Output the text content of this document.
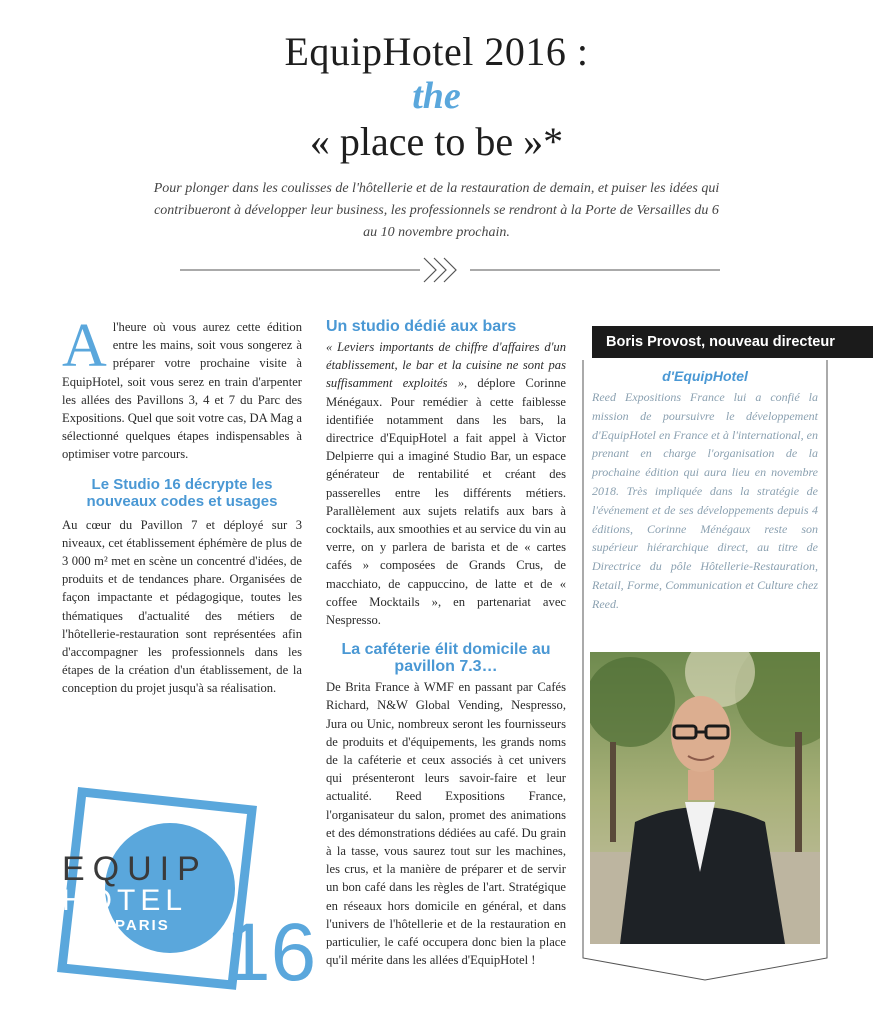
EquipHotel 2016 :
the
« place to be »*
Pour plonger dans les coulisses de l'hôtellerie et de la restauration de demain, et puiser les idées qui contribueront à développer leur business, les professionnels se rendront à la Porte de Versailles du 6 au 10 novembre prochain.
A l'heure où vous aurez cette édition entre les mains, soit vous songerez à préparer votre prochaine visite à EquipHotel, soit vous serez en train d'arpenter les allées des Pavillons 3, 4 et 7 du Parc des Expositions. Quel que soit votre cas, DA Mag a sélectionné quelques étapes indispensables à optimiser votre parcours.
Le Studio 16 décrypte les nouveaux codes et usages
Au cœur du Pavillon 7 et déployé sur 3 niveaux, cet établissement éphémère de plus de 3 000 m² met en scène un concentré d'idées, de produits et de tendances phare. Organisées de façon impactante et pédagogique, toutes les thématiques d'actualité des métiers de l'hôtellerie-restauration sont représentées afin d'accompagner les professionnels dans les étapes de la création d'un établissement, de la conception du projet jusqu'à sa réalisation.
Un studio dédié aux bars
« Leviers importants de chiffre d'affaires d'un établissement, le bar et la cuisine ne sont pas suffisamment exploités », déplore Corinne Ménégaux. Pour remédier à cette faiblesse identifiée notamment dans les bars, la directrice d'EquipHotel a fait appel à Victor Delpierre qui a imaginé Studio Bar, un espace générateur de rentabilité et créant des passerelles entre les différents métiers. Parallèlement aux sujets relatifs aux bars à cocktails, aux smoothies et au service du vin au verre, on y parlera de barista et de « cartes cafés » composées de Grands Crus, de macchiato, de cappuccino, de latte et de « coffee Mocktails », en partenariat avec Nespresso.
La caféterie élit domicile au pavillon 7.3…
De Brita France à WMF en passant par Cafés Richard, N&W Global Vending, Nespresso, Jura ou Unic, nombreux seront les fournisseurs de produits et d'équipements, les grands noms de la caféterie et ceux associés à cet univers qui présenteront leurs savoir-faire et leur actualité. Reed Expositions France, l'organisateur du salon, promet des animations et des démonstrations dédiées au café. Du grain à la tasse, vous saurez tout sur les machines, les crus, et la manière de préparer et de servir un bon café dans les règles de l'art. Stratégique en réseaux hors domicile en général, et dans l'univers de l'hôtellerie et de la restauration en particulier, le café occupera donc bien la place qu'il mérite dans les allées d'EquipHotel !
Boris Provost, nouveau directeur
d'EquipHotel
Reed Expositions France lui a confié la mission de poursuivre le développement d'EquipHotel en France et à l'international, en prenant en charge l'organisation de la prochaine édition qui aura lieu en novembre 2018. Très impliquée dans la stratégie de l'événement et de ses développements depuis 4 éditions, Corinne Ménégaux reste son supérieur hiérarchique direct, au titre de Directrice du pôle Hôtellerie-Restauration, Retail, Forme, Communication et Culture chez Reed.
EQUIP
HOTEL
PARIS 16
